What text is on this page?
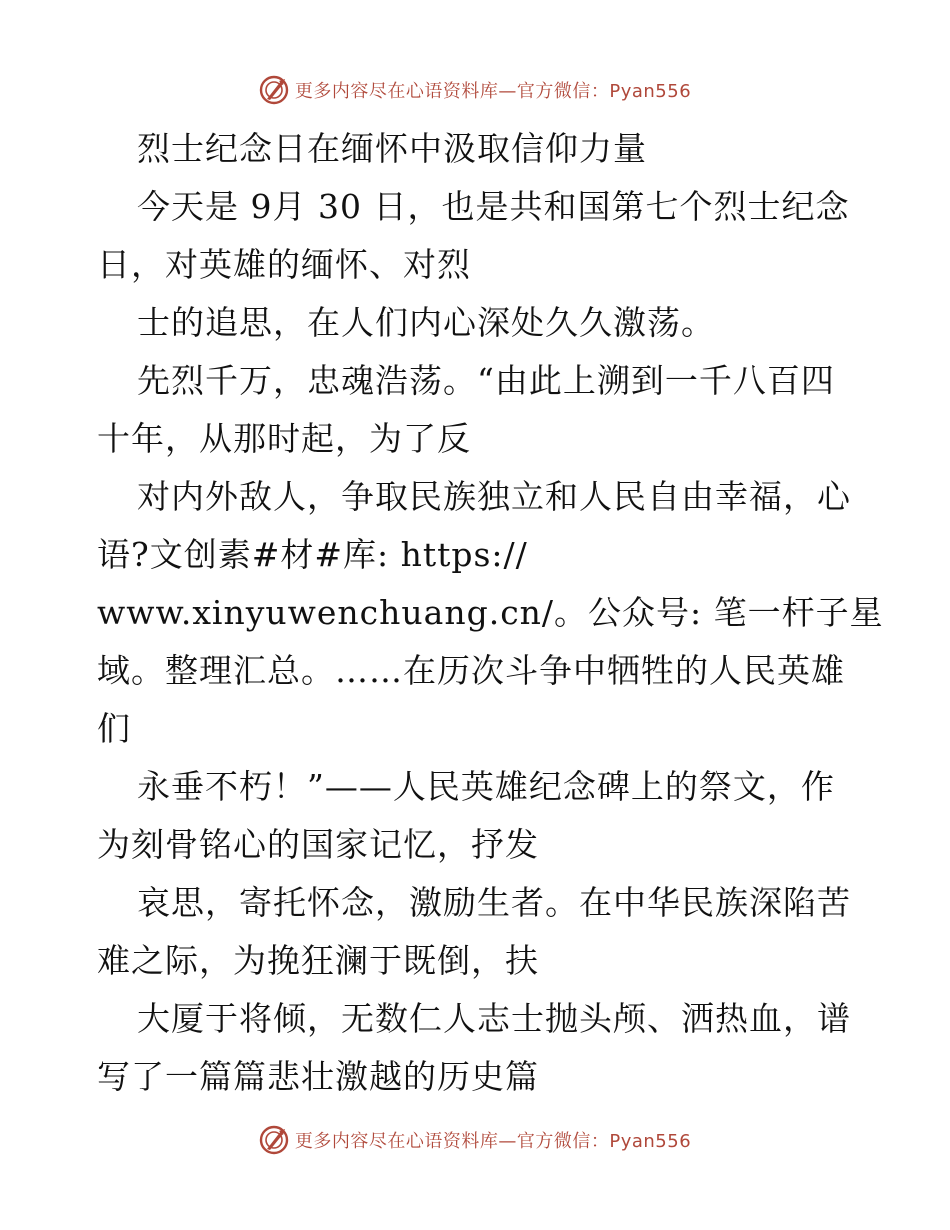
更多内容尽在心语资料库—官方微信：Pyan556
烈士纪念日在缅怀中汲取信仰力量
今天是 9月 30 日，也是共和国第七个烈士纪念
日，对英雄的缅怀、对烈
士的追思，在人们内心深处久久激荡。
先烈千万，忠魂浩荡。“由此上溯到一千八百四
十年，从那时起，为了反
对内外敌人，争取民族独立和人民自由幸福，心
语?文创素#材#库: https://
www.xinyuwenchuang.cn/。公众号: 笔一杆子星
域。整理汇总。……在历次斗争中牺牲的人民英雄
们
永垂不朽！”——人民英雄纪念碑上的祭文，作
为刻骨铭心的国家记忆，抒发
哀思，寄托怀念，激励生者。在中华民族深陷苦
难之际，为挽狂澜于既倒，扶
大厦于将倾，无数仁人志士抛头颅、洒热血，谱
写了一篇篇悲壮激越的历史篇
更多内容尽在心语资料库—官方微信：Pyan556
